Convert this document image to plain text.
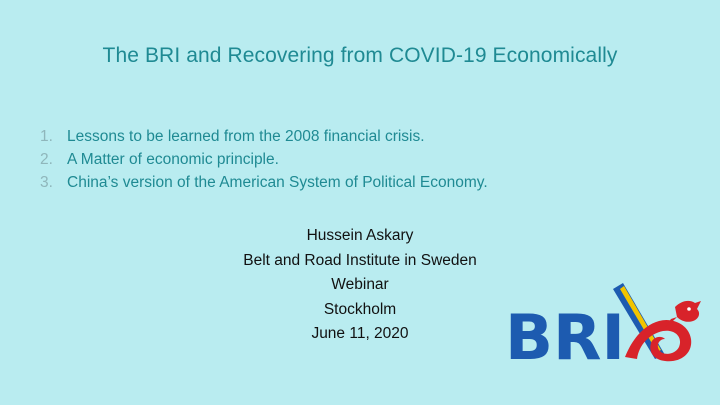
The BRI and Recovering from COVID-19 Economically
1. Lessons to be learned from the 2008 financial crisis.
2. A Matter of economic principle.
3. China’s version of the American System of Political Economy.
Hussein Askary
Belt and Road Institute in Sweden
Webinar
Stockholm
June 11, 2020	BRI
